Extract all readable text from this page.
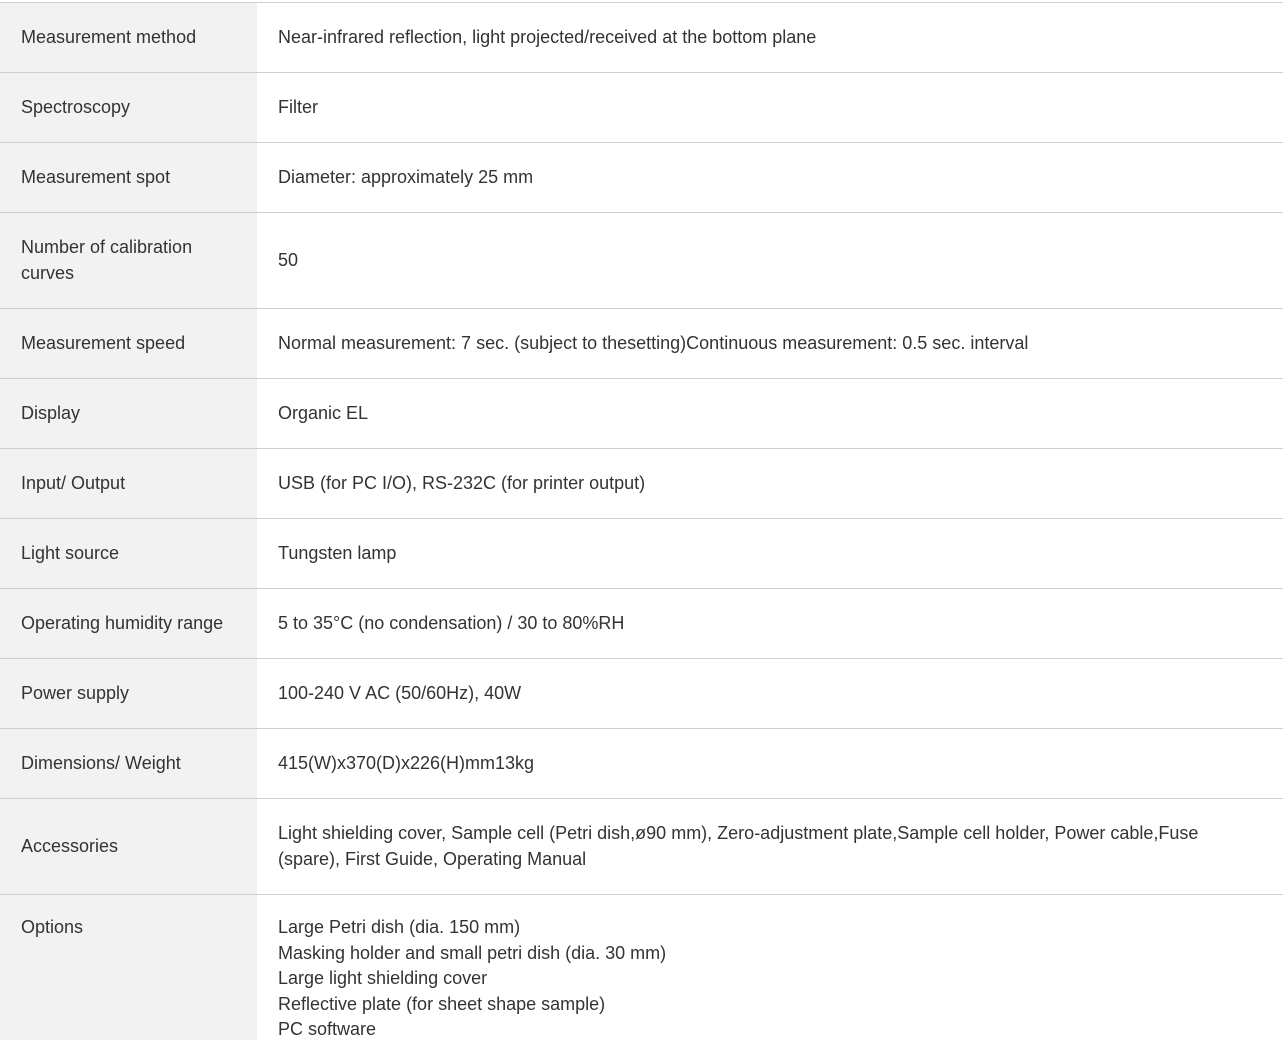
Measurement method	Near-infrared reflection, light projected/received at the bottom plane
Spectroscopy	Filter
Measurement spot	Diameter: approximately 25 mm
Number of calibration curves	50
Measurement speed	Normal measurement: 7 sec. (subject to thesetting)Continuous measurement: 0.5 sec. interval
Display	Organic EL
Input/ Output	USB (for PC I/O), RS-232C (for printer output)
Light source	Tungsten lamp
Operating humidity range	5 to 35°C (no condensation) / 30 to 80%RH
Power supply	100-240 V AC (50/60Hz), 40W
Dimensions/ Weight	415(W)x370(D)x226(H)mm13kg
Accessories	Light shielding cover, Sample cell (Petri dish,ø90 mm), Zero-adjustment plate,Sample cell holder, Power cable,Fuse (spare), First Guide, Operating Manual
Options	Large Petri dish (dia. 150 mm)
Masking holder and small petri dish (dia. 30 mm)
Large light shielding cover
Reflective plate (for sheet shape sample)
PC software
